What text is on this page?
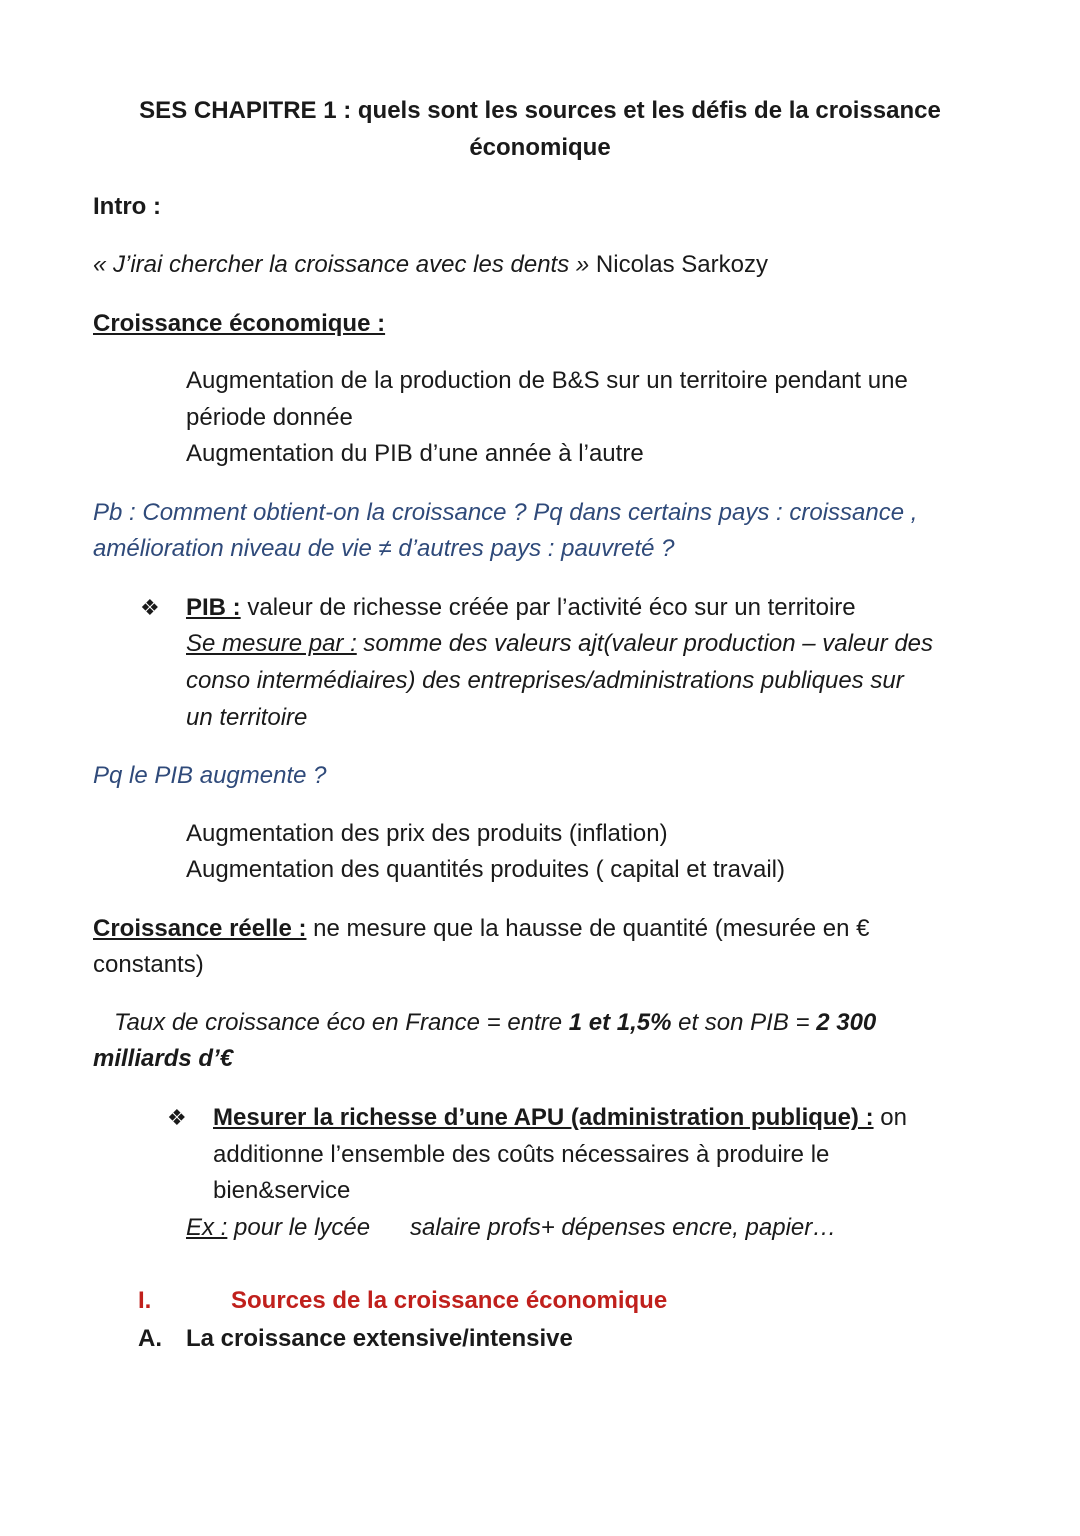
SES CHAPITRE 1 : quels sont les sources et les défis de la croissance
économique
Intro :
« J’irai chercher la croissance avec les dents » Nicolas Sarkozy
Croissance économique :
Augmentation de la production de B&S sur un territoire pendant une
période donnée
Augmentation du PIB d’une année à l’autre
Pb : Comment obtient-on la croissance ? Pq dans certains pays : croissance ,
amélioration niveau de vie ≠ d’autres pays : pauvreté ?
❖ PIB : valeur de richesse créée par l’activité éco sur un territoire
Se mesure par : somme des valeurs ajt(valeur production – valeur des
conso intermédiaires) des entreprises/administrations publiques sur
un territoire
Pq le PIB augmente ?
Augmentation des prix des produits (inflation)
Augmentation des quantités produites ( capital et travail)
Croissance réelle : ne mesure que la hausse de quantité (mesurée en €
constants)
Taux de croissance éco en France = entre 1 et 1,5% et son PIB = 2 300
milliards d’€
❖ Mesurer la richesse d’une APU (administration publique) : on
additionne l’ensemble des coûts nécessaires à produire le
bien&service
Ex : pour le lycée salaire profs+ dépenses encre, papier…
I.	Sources de la croissance économique
A. La croissance extensive/intensive
